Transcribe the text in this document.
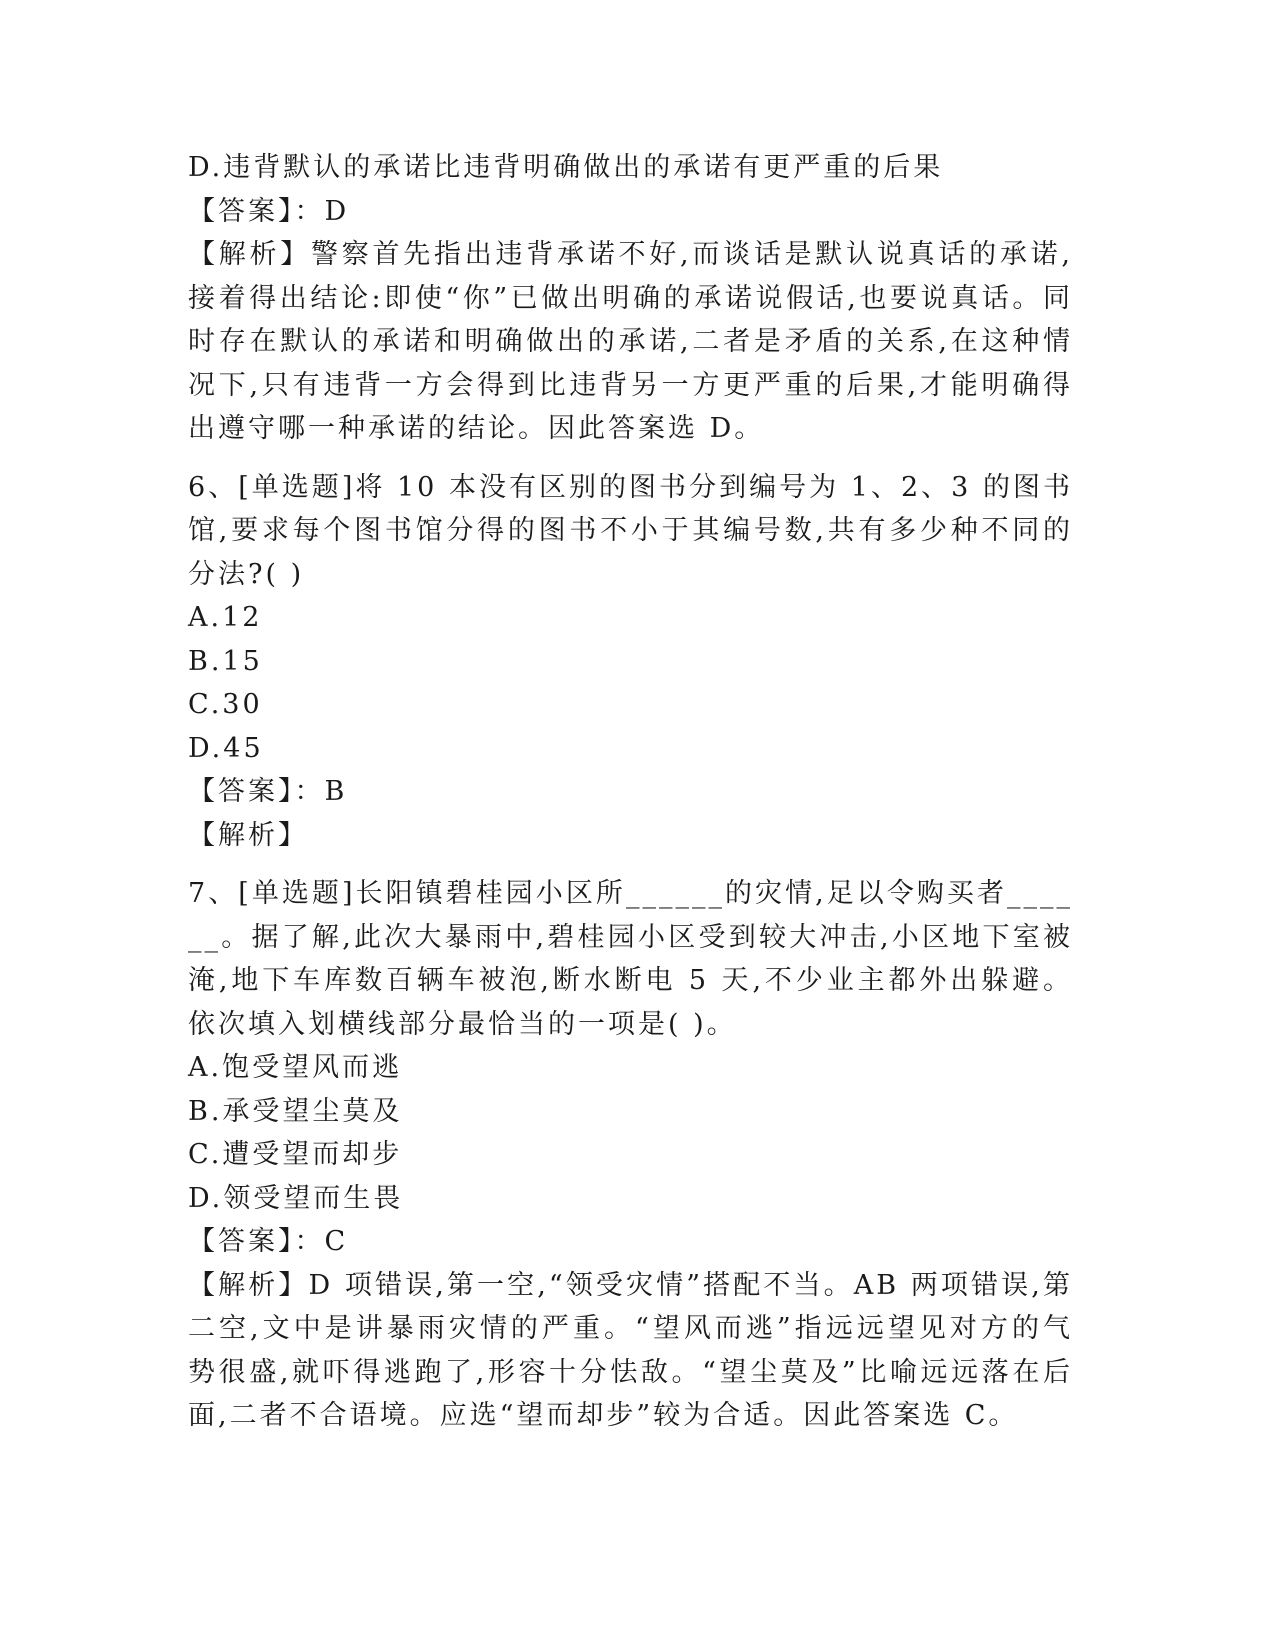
D.违背默认的承诺比违背明确做出的承诺有更严重的后果
【答案】：D
【解析】警察首先指出违背承诺不好,而谈话是默认说真话的承诺,接着得出结论:即使“你”已做出明确的承诺说假话,也要说真话。同时存在默认的承诺和明确做出的承诺,二者是矛盾的关系,在这种情况下,只有违背一方会得到比违背另一方更严重的后果,才能明确得出遵守哪一种承诺的结论。因此答案选 D。
6、[单选题]将 10 本没有区别的图书分到编号为 1、2、3 的图书馆,要求每个图书馆分得的图书不小于其编号数,共有多少种不同的分法?( )
A.12
B.15
C.30
D.45
【答案】：B
【解析】
7、[单选题]长阳镇碧桂园小区所______的灾情,足以令购买者______。据了解,此次大暴雨中,碧桂园小区受到较大冲击,小区地下室被淹,地下车库数百辆车被泡,断水断电 5 天,不少业主都外出躲避。依次填入划横线部分最恰当的一项是( )。
A.饱受望风而逃
B.承受望尘莫及
C.遭受望而却步
D.领受望而生畏
【答案】：C
【解析】D 项错误,第一空,“领受灾情”搭配不当。AB 两项错误,第二空,文中是讲暴雨灾情的严重。“望风而逃”指远远望见对方的气势很盛,就吓得逃跑了,形容十分怯敌。“望尘莫及”比喻远远落在后面,二者不合语境。应选“望而却步”较为合适。因此答案选 C。
